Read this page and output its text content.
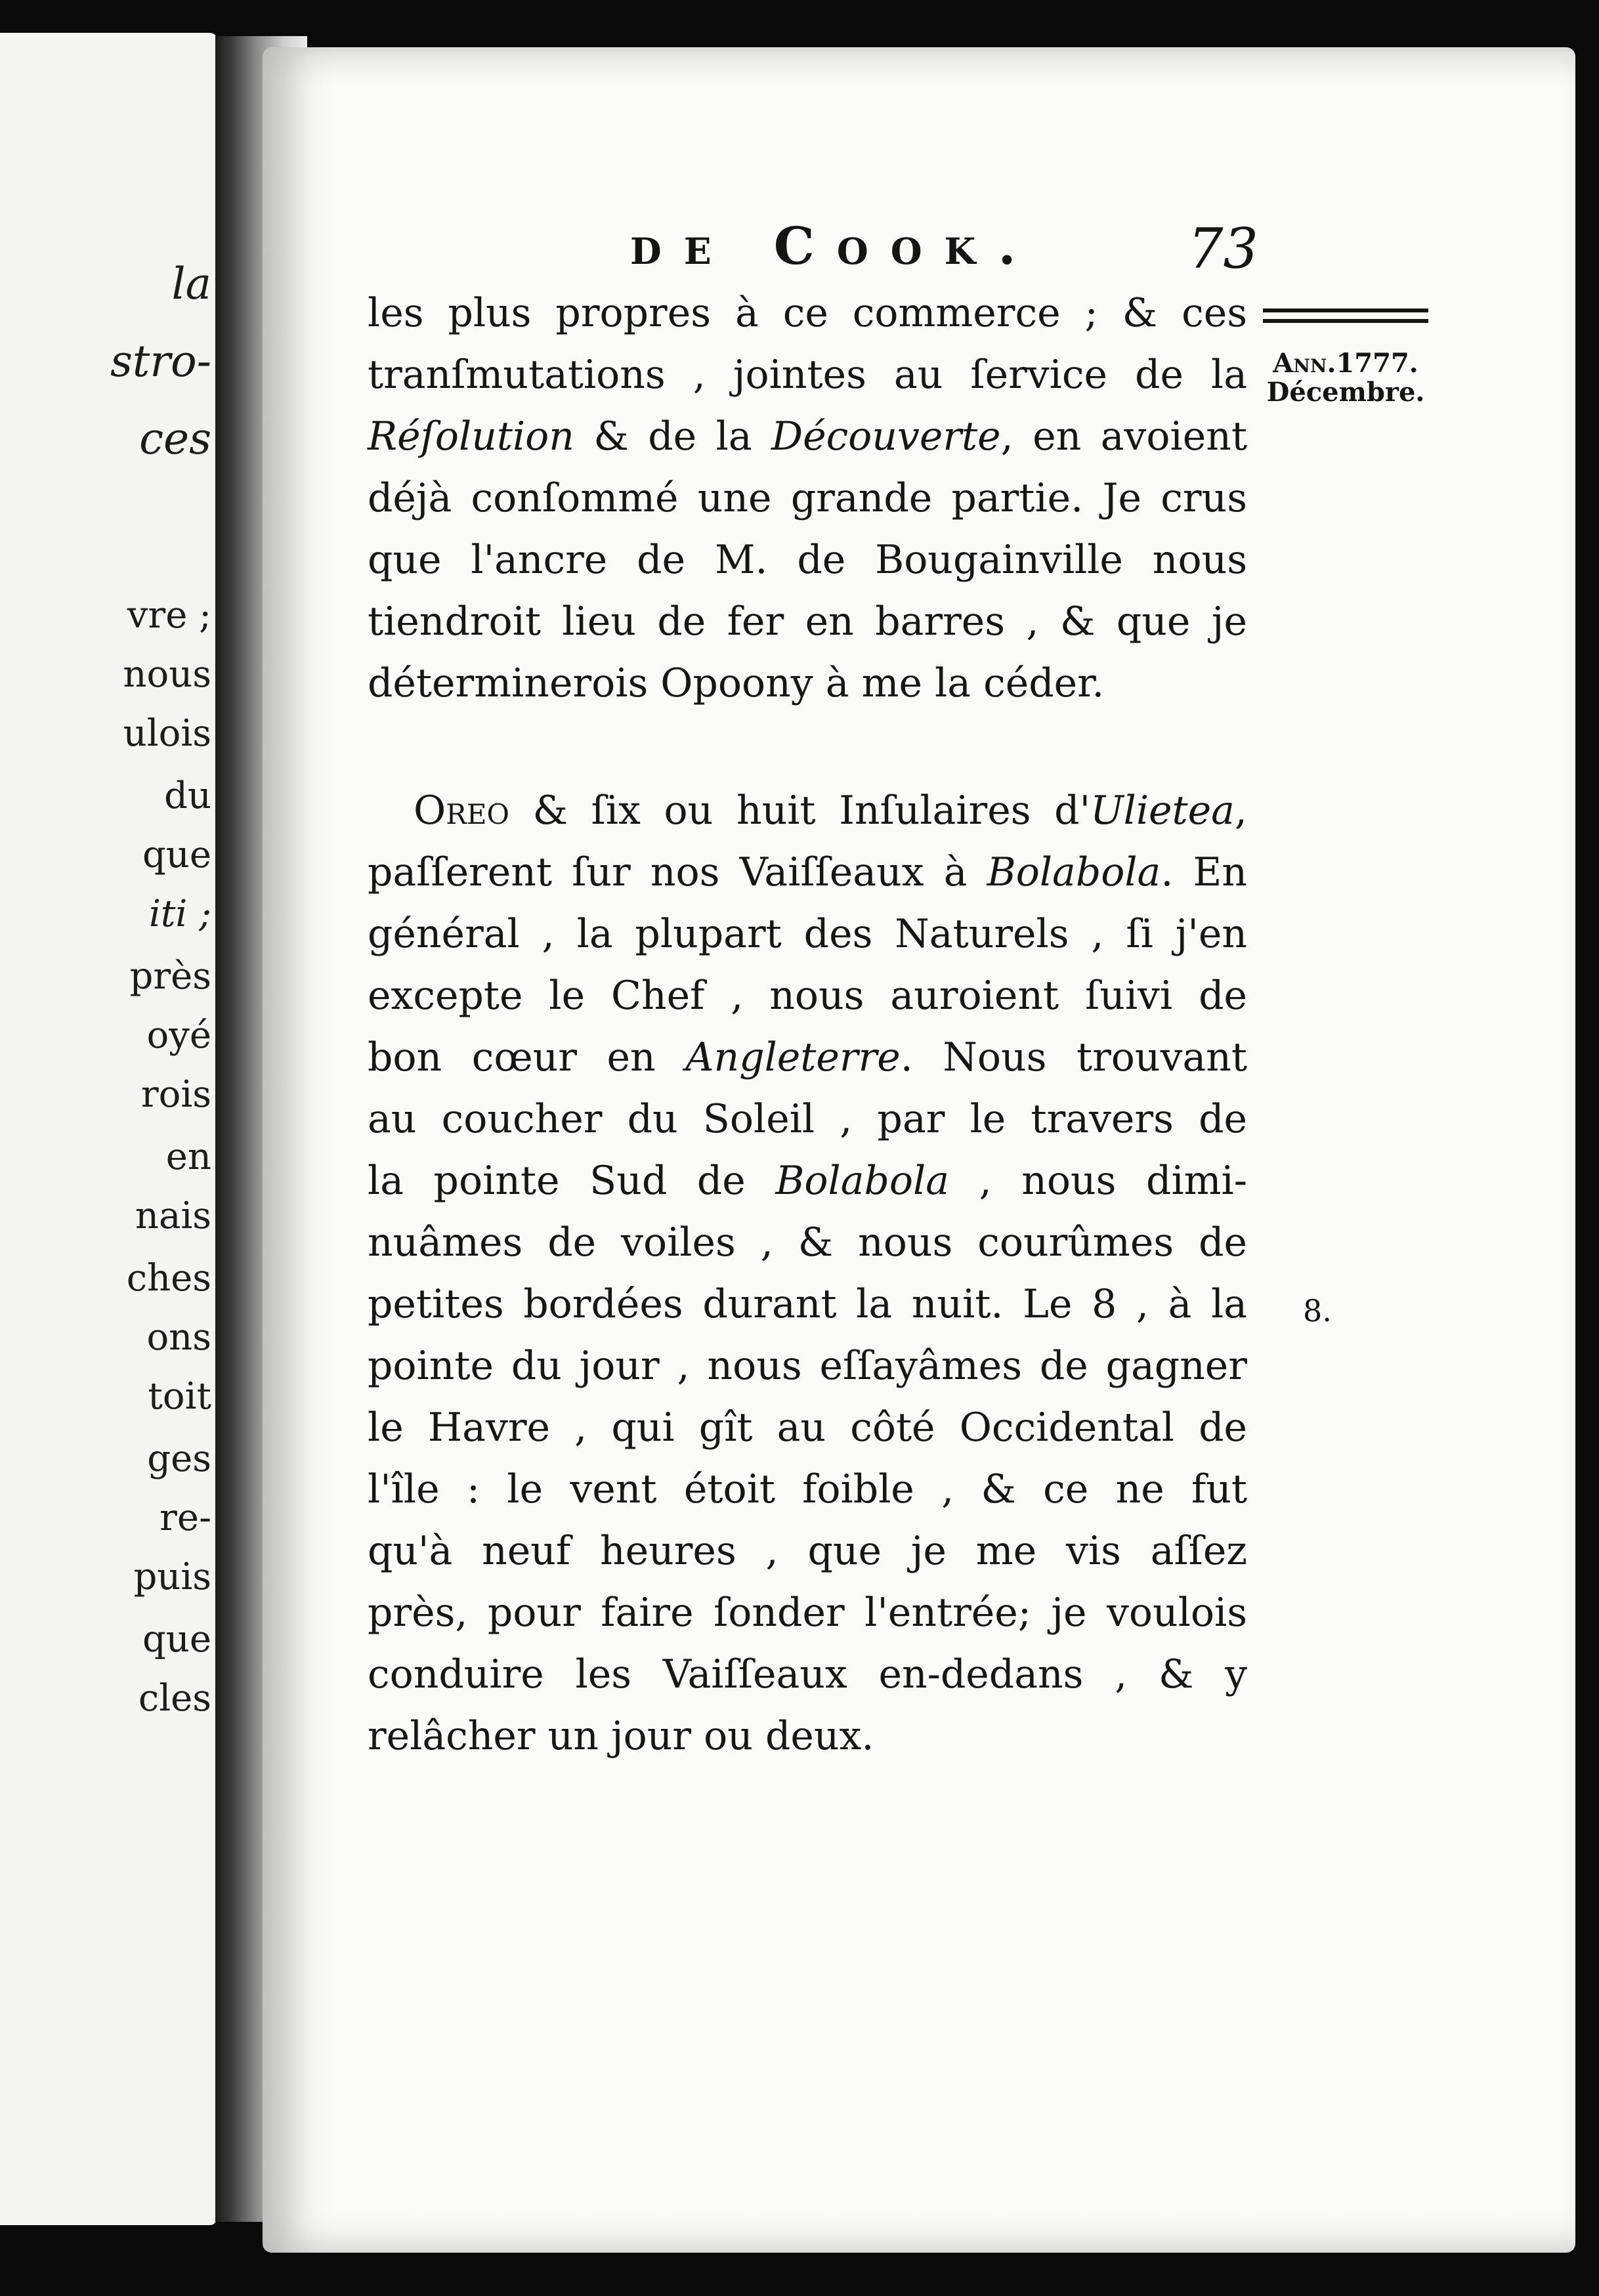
la
stro-
ces
vre ;
nous
ulois
du
que
iti ;
près
oyé
rois
en
nais
ches
ons
toit
ges
re-
puis
que
cles
de Cook.	73
Ann.1777.
Décembre.
8.
les plus propres à ce commerce ; & ces
tranſmutations , jointes au ſervice de la
Réſolution & de la Découverte, en avoient
déjà conſommé une grande partie. Je crus
que l'ancre de M. de Bougainville nous
tiendroit lieu de fer en barres , & que je
déterminerois Opoony à me la céder.
Oreo & ſix ou huit Inſulaires d'Ulietea,
paſſerent ſur nos Vaiſſeaux à Bolabola. En
général , la plupart des Naturels , ſi j'en
excepte le Chef , nous auroient ſuivi de
bon cœur en Angleterre. Nous trouvant
au coucher du Soleil , par le travers de
la pointe Sud de Bolabola , nous dimi-
nuâmes de voiles , & nous courûmes de
petites bordées durant la nuit. Le 8 , à la
pointe du jour , nous eſſayâmes de gagner
le Havre , qui gît au côté Occidental de
l'île : le vent étoit foible , & ce ne fut
qu'à neuf heures , que je me vis aſſez
près, pour faire ſonder l'entrée; je voulois
conduire les Vaiſſeaux en-dedans , & y
relâcher un jour ou deux.
